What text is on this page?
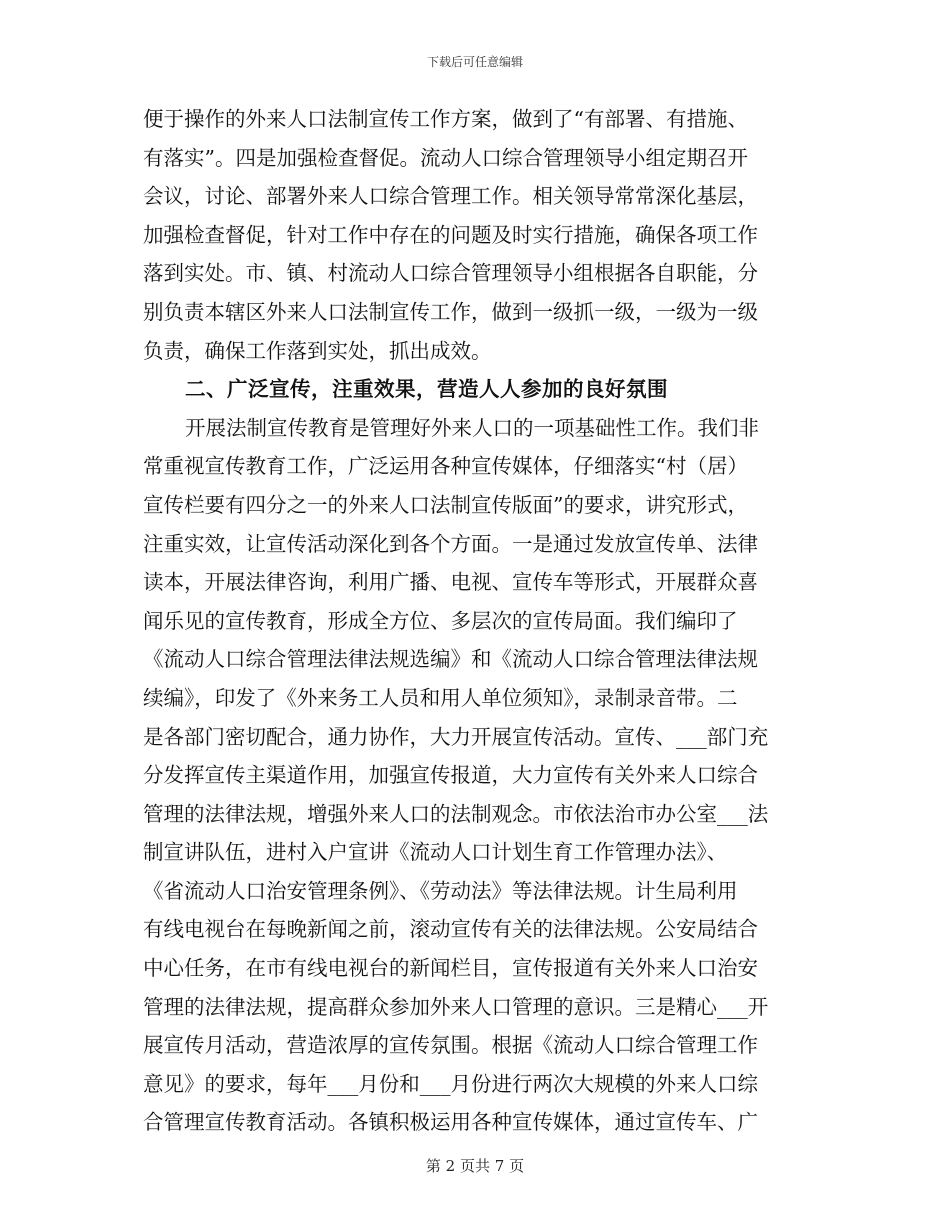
下载后可任意编辑
便于操作的外来人口法制宣传工作方案，做到了“有部署、有措施、
有落实”。四是加强检查督促。流动人口综合管理领导小组定期召开
会议，讨论、部署外来人口综合管理工作。相关领导常常深化基层，
加强检查督促，针对工作中存在的问题及时实行措施，确保各项工作
落到实处。市、镇、村流动人口综合管理领导小组根据各自职能，分
别负责本辖区外来人口法制宣传工作，做到一级抓一级，一级为一级
负责，确保工作落到实处，抓出成效。
二、广泛宣传，注重效果，营造人人参加的良好氛围
开展法制宣传教育是管理好外来人口的一项基础性工作。我们非
常重视宣传教育工作，广泛运用各种宣传媒体，仔细落实“村（居）
宣传栏要有四分之一的外来人口法制宣传版面”的要求，讲究形式，
注重实效，让宣传活动深化到各个方面。一是通过发放宣传单、法律
读本，开展法律咨询，利用广播、电视、宣传车等形式，开展群众喜
闻乐见的宣传教育，形成全方位、多层次的宣传局面。我们编印了
《流动人口综合管理法律法规选编》和《流动人口综合管理法律法规
续编》，印发了《外来务工人员和用人单位须知》，录制录音带。二
是各部门密切配合，通力协作，大力开展宣传活动。宣传、___部门充
分发挥宣传主渠道作用，加强宣传报道，大力宣传有关外来人口综合
管理的法律法规，增强外来人口的法制观念。市依法治市办公室___法
制宣讲队伍，进村入户宣讲《流动人口计划生育工作管理办法》、
《省流动人口治安管理条例》、《劳动法》等法律法规。计生局利用
有线电视台在每晚新闻之前，滚动宣传有关的法律法规。公安局结合
中心任务，在市有线电视台的新闻栏目，宣传报道有关外来人口治安
管理的法律法规，提高群众参加外来人口管理的意识。三是精心___开
展宣传月活动，营造浓厚的宣传氛围。根据《流动人口综合管理工作
意见》的要求，每年___月份和___月份进行两次大规模的外来人口综
合管理宣传教育活动。各镇积极运用各种宣传媒体，通过宣传车、广
第 2 页共 7 页
